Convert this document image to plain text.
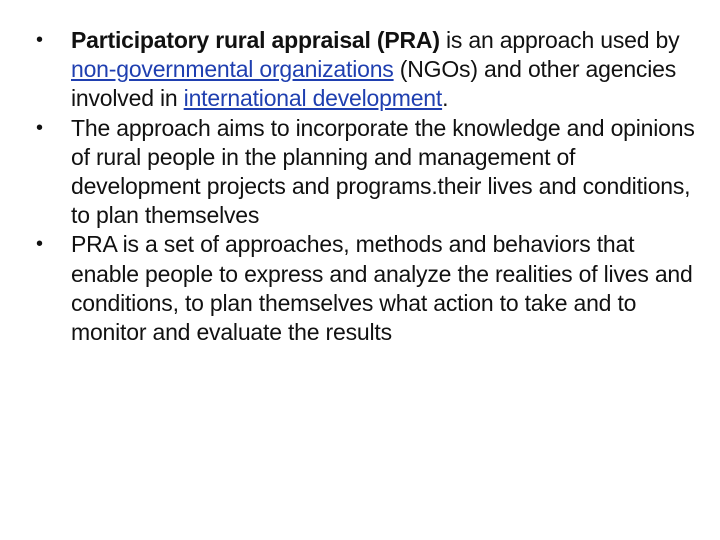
•	Participatory rural appraisal (PRA) is an approach used by non-governmental organizations (NGOs) and other agencies involved in international development.
•	The approach aims to incorporate the knowledge and opinions of rural people in the planning and management of development projects and programs.their lives and conditions, to plan themselves
•	PRA is a set of approaches, methods and behaviors that enable people to express and analyze the realities of lives and conditions, to plan themselves what action to take and to monitor and evaluate the results
